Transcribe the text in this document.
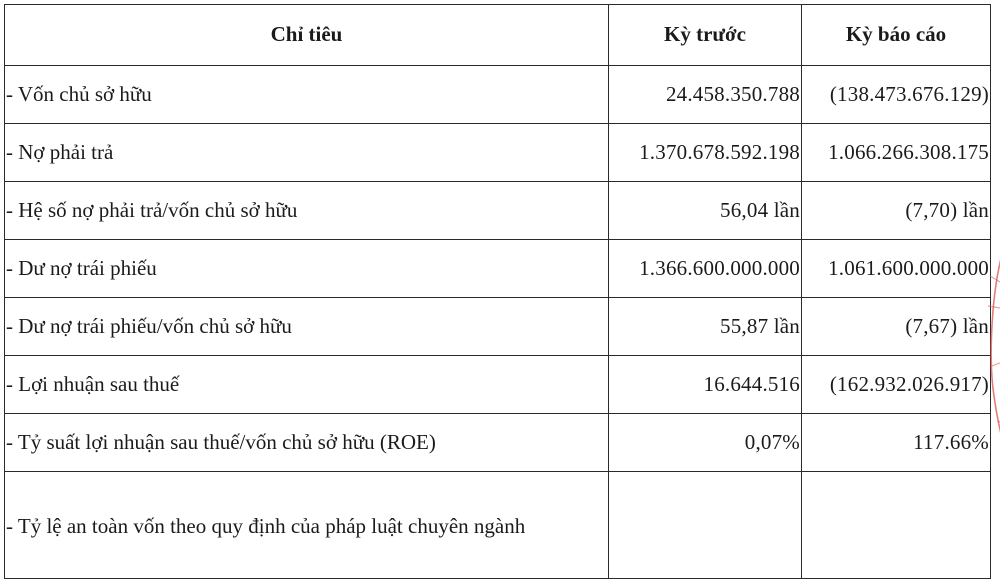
Chỉ tiêu	Kỳ trước	Kỳ báo cáo
- Vốn chủ sở hữu	24.458.350.788	(138.473.676.129)
- Nợ phải trả	1.370.678.592.198	1.066.266.308.175
- Hệ số nợ phải trả/vốn chủ sở hữu	56,04 lần	(7,70) lần
- Dư nợ trái phiếu	1.366.600.000.000	1.061.600.000.000
- Dư nợ trái phiếu/vốn chủ sở hữu	55,87 lần	(7,67) lần
- Lợi nhuận sau thuế	16.644.516	(162.932.026.917)
- Tỷ suất lợi nhuận sau thuế/vốn chủ sở hữu (ROE)	0,07%	117.66%
- Tỷ lệ an toàn vốn theo quy định của pháp luật chuyên ngành		
